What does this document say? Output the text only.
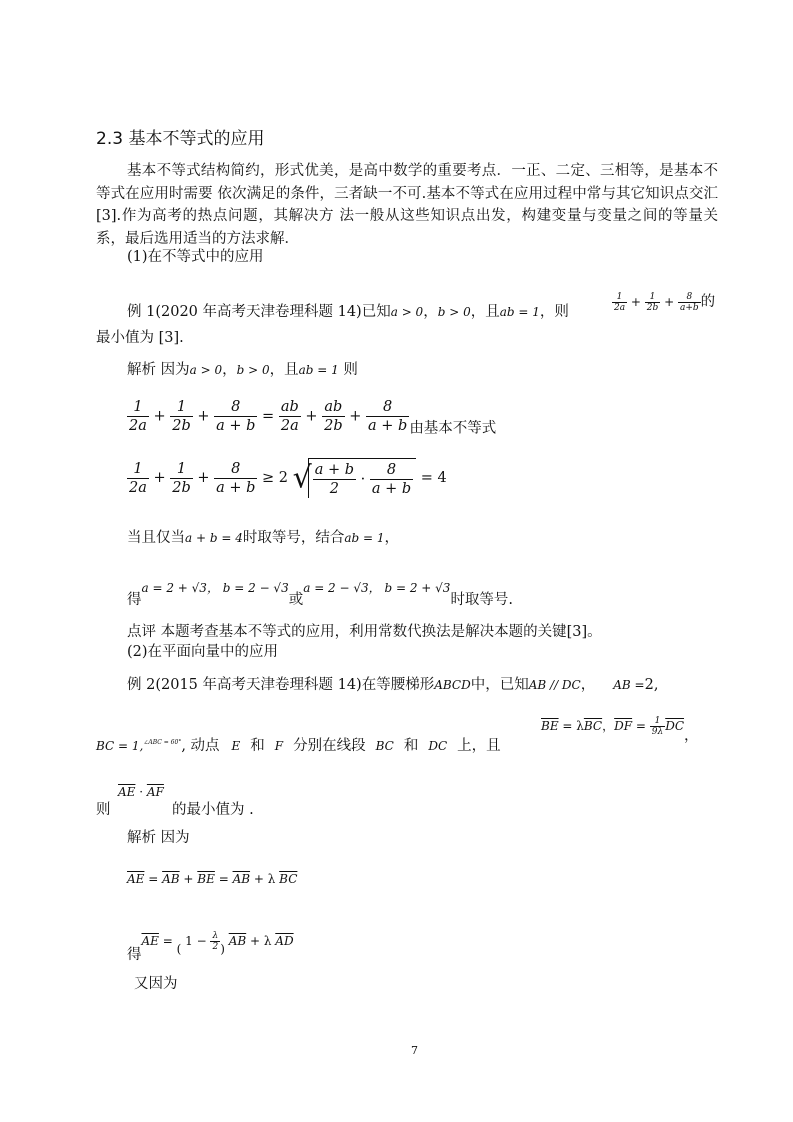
2.3 基本不等式的应用
基本不等式结构简约，形式优美，是高中数学的重要考点．一正、二定、三相等，是基本不等式在应用时需要 依次满足的条件，三者缺一不可.基本不等式在应用过程中常与其它知识点交汇[3].作为高考的热点问题，其解决方 法一般从这些知识点出发，构建变量与变量之间的等量关系，最后选用适当的方法求解．
(1)在不等式中的应用
例 1(2020 年高考天津卷理科题 14)已知a > 0，b > 0，且ab = 1，则	$\frac{1}{2a} + \frac{1}{2b} + \frac{8}{a+b}$ 的
最小值为 [3].
解析 因为a > 0，b > 0，且ab = 1 则
$\frac{1}{2a} + \frac{1}{2b} + \frac{8}{a + b} = \frac{ab}{2a} + \frac{ab}{2b} + \frac{8}{a + b}$ 由基本不等式
$\frac{1}{2a} + \frac{1}{2b} + \frac{8}{a + b} \ge 2$ √ $\frac{a + b}{2} \cdot \frac{8}{a + b} = 4$
当且仅当a + b = 4时取等号，结合ab = 1，
得a = 2 + √3， b = 2 − √3或a = 2 − √3， b = 2 + √3时取等号.
点评 本题考查基本不等式的应用，利用常数代换法是解决本题的关键[3]。
(2)在平面向量中的应用
例 2(2015 年高考天津卷理科题 14)在等腰梯形ABCD中，已知AB // DC， AB =2,
BC = 1,$^{\angle ABC = 60^\circ}$, 动点 E 和 F 分别在线段 BC 和 DC 上，且
$\overline{BE} = \lambda\overline{BC}$，$\overline{DF} = \frac{1}{9\lambda} \overline{DC}$，
则
$\overline{AE} \cdot \overline{AF}$
的最小值为 .
解析 因为
$\overline{AE} = \overline{AB} + \overline{BE} = \overline{AB} + \lambda$ $\overline{BC}$
得$\overline{AE} = _($ $1 - \frac{\lambda}{2} _)$ $\overline{AB} + \lambda$ $\overline{AD}$
又因为
7
